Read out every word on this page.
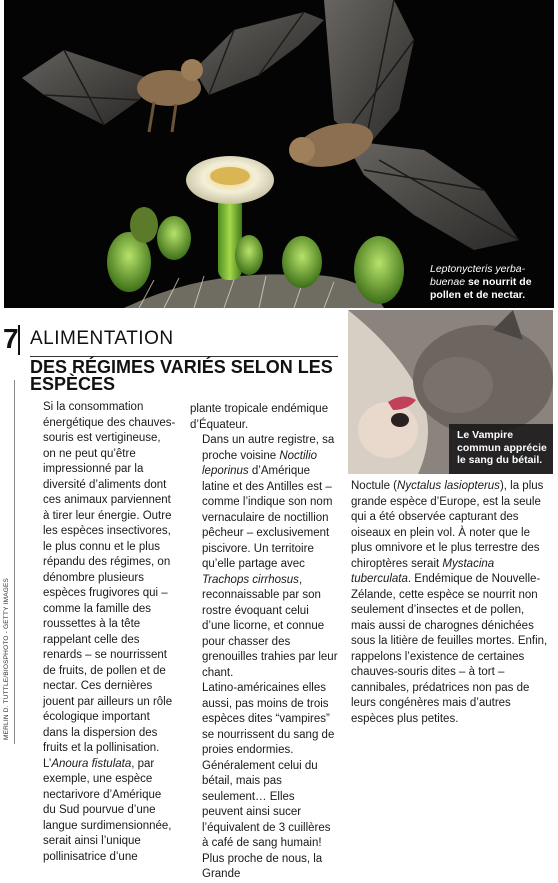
Leptonycteris yerba-buenae se nourrit de pollen et de nectar.
Le Vampire commun apprécie le sang du bétail.
7 ALIMENTATION
DES RÉGIMES VARIÉS SELON LES ESPÈCES
MERLIN D. TUTTLE/BIOSPHOTO - GETTY IMAGES

Si la consommation énergétique des chauves-souris est vertigineuse, on ne peut qu’être impressionné par la diversité d’aliments dont ces animaux parviennent à tirer leur énergie. Outre les espèces insectivores, le plus connu et le plus répandu des régimes, on dénombre plusieurs espèces frugivores qui – comme la famille des roussettes à la tête rappelant celle des renards – se nourrissent de fruits, de pollen et de nectar. Ces dernières jouent par ailleurs un rôle écologique important dans la dispersion des fruits et la pollinisation.

L’Anoura fistulata, par exemple, une espèce nectarivore d’Amérique du Sud pourvue d’une langue surdimensionnée, serait ainsi l’unique pollinisatrice d’une

plante tropicale endémique d’Équateur.

Dans un autre registre, sa proche voisine Noctilio leporinus d’Amérique latine et des Antilles est – comme l’indique son nom vernaculaire de noctillion pêcheur – exclusivement piscivore. Un territoire qu’elle partage avec Trachops cirrhosus, reconnaissable par son rostre évoquant celui d’une licorne, et connue pour chasser des grenouilles trahies par leur chant.

Latino-américaines elles aussi, pas moins de trois espèces dites “vampires” se nourrissent du sang de proies endormies. Généralement celui du bétail, mais pas seulement… Elles peuvent ainsi sucer l’équivalent de 3 cuillères à café de sang humain! Plus proche de nous, la Grande

Noctule (Nyctalus lasiopterus), la plus grande espèce d’Europe, est la seule qui a été observée capturant des oiseaux en plein vol. À noter que le plus omnivore et le plus terrestre des chiroptères serait Mystacina tuberculata. Endémique de Nouvelle-Zélande, cette espèce se nourrit non seulement d’insectes et de pollen, mais aussi de charognes dénichées sous la litière de feuilles mortes. Enfin, rappelons l’existence de certaines chauves-souris dites – à tort – cannibales, prédatrices non pas de leurs congénères mais d’autres espèces plus petites.
